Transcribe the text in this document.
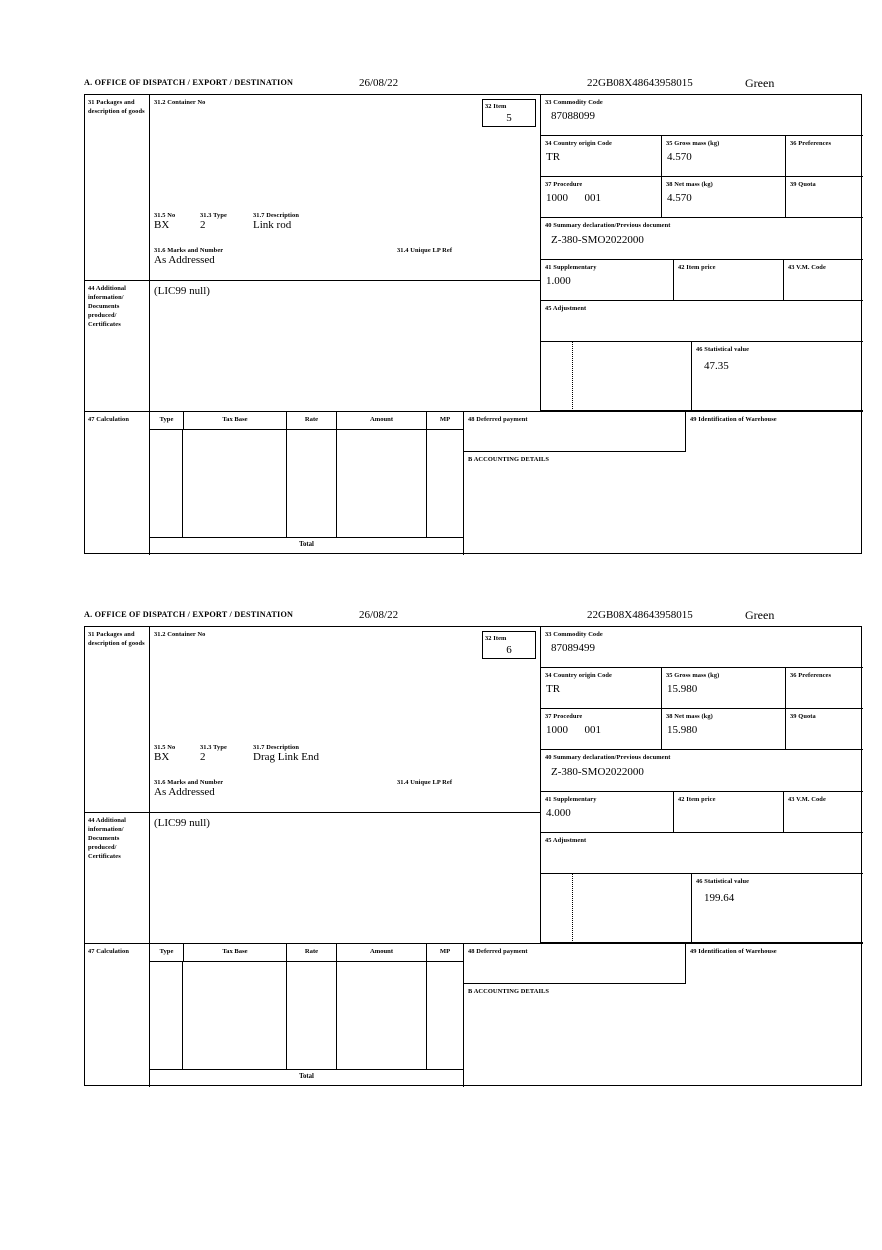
A. OFFICE OF DISPATCH / EXPORT / DESTINATION	26/08/22	22GB08X48643958015	Green
31 Packages and description of goods
31.2 Container No
31.5 No	31.3 Type	31.7 Description
BX	2	Link rod
31.6 Marks and Number	31.4 Unique LP Ref
As Addressed
32 Item
5
33 Commodity Code
87088099
34 Country origin Code
TR
35 Gross mass (kg)
4.570
36 Preferences
37 Procedure
1000      001
38 Net mass (kg)
4.570
39 Quota
40 Summary declaration/Previous document
Z-380-SMO2022000
41 Supplementary
1.000
42 Item price	43 V.M. Code
45 Adjustment
46 Statistical value
47.35
44 Additional information/ Documents produced/ Certificates
(LIC99 null)
47 Calculation	Type	Tax Base	Rate	Amount	MP
Total
48 Deferred payment	49 Identification of Warehouse
B ACCOUNTING DETAILS
A. OFFICE OF DISPATCH / EXPORT / DESTINATION	26/08/22	22GB08X48643958015	Green
31 Packages and description of goods
31.2 Container No
31.5 No	31.3 Type	31.7 Description
BX	2	Drag Link End
31.6 Marks and Number	31.4 Unique LP Ref
As Addressed
32 Item
6
33 Commodity Code
87089499
34 Country origin Code
TR
35 Gross mass (kg)
15.980
36 Preferences
37 Procedure
1000      001
38 Net mass (kg)
15.980
39 Quota
40 Summary declaration/Previous document
Z-380-SMO2022000
41 Supplementary
4.000
42 Item price	43 V.M. Code
45 Adjustment
46 Statistical value
199.64
44 Additional information/ Documents produced/ Certificates
(LIC99 null)
47 Calculation	Type	Tax Base	Rate	Amount	MP
Total
48 Deferred payment	49 Identification of Warehouse
B ACCOUNTING DETAILS
